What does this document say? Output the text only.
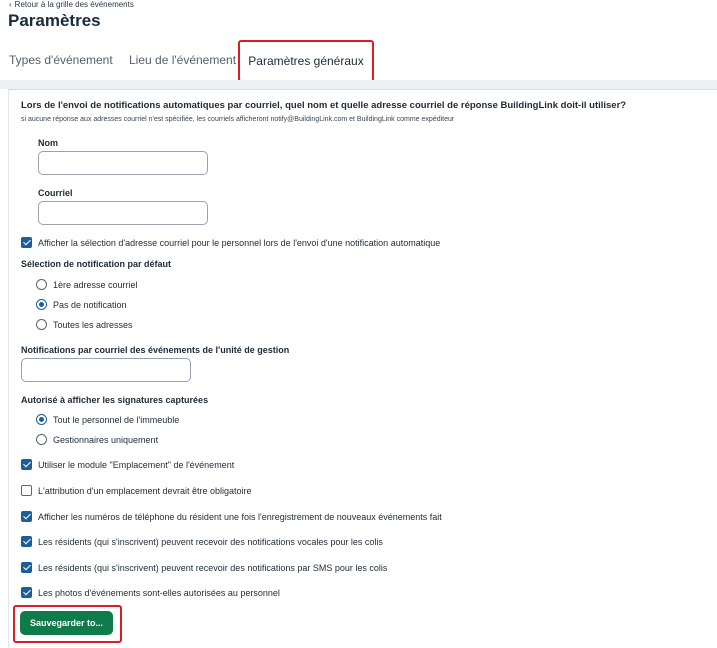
‹ Retour à la grille des événements
Paramètres
Types d'événement Lieu de l'événement	Paramètres généraux
Lors de l'envoi de notifications automatiques par courriel, quel nom et quelle adresse courriel de réponse BuildingLink doit-il utiliser?
si aucune réponse aux adresses courriel n'est spécifiée, les courriels afficheront notify@BuildingLink.com et BuildingLink comme expéditeur
Nom
Courriel
Afficher la sélection d'adresse courriel pour le personnel lors de l'envoi d'une notification automatique
Sélection de notification par défaut
1ère adresse courriel
Pas de notification
Toutes les adresses
Notifications par courriel des événements de l'unité de gestion
Autorisé à afficher les signatures capturées
Tout le personnel de l'immeuble
Gestionnaires uniquement
Utiliser le module "Emplacement" de l'événement
L'attribution d'un emplacement devrait être obligatoire
Afficher les numéros de téléphone du résident une fois l'enregistrement de nouveaux événements fait
Les résidents (qui s'inscrivent) peuvent recevoir des notifications vocales pour les colis
Les résidents (qui s'inscrivent) peuvent recevoir des notifications par SMS pour les colis
Les photos d'événements sont-elles autorisées au personnel
Sauvegarder to...
